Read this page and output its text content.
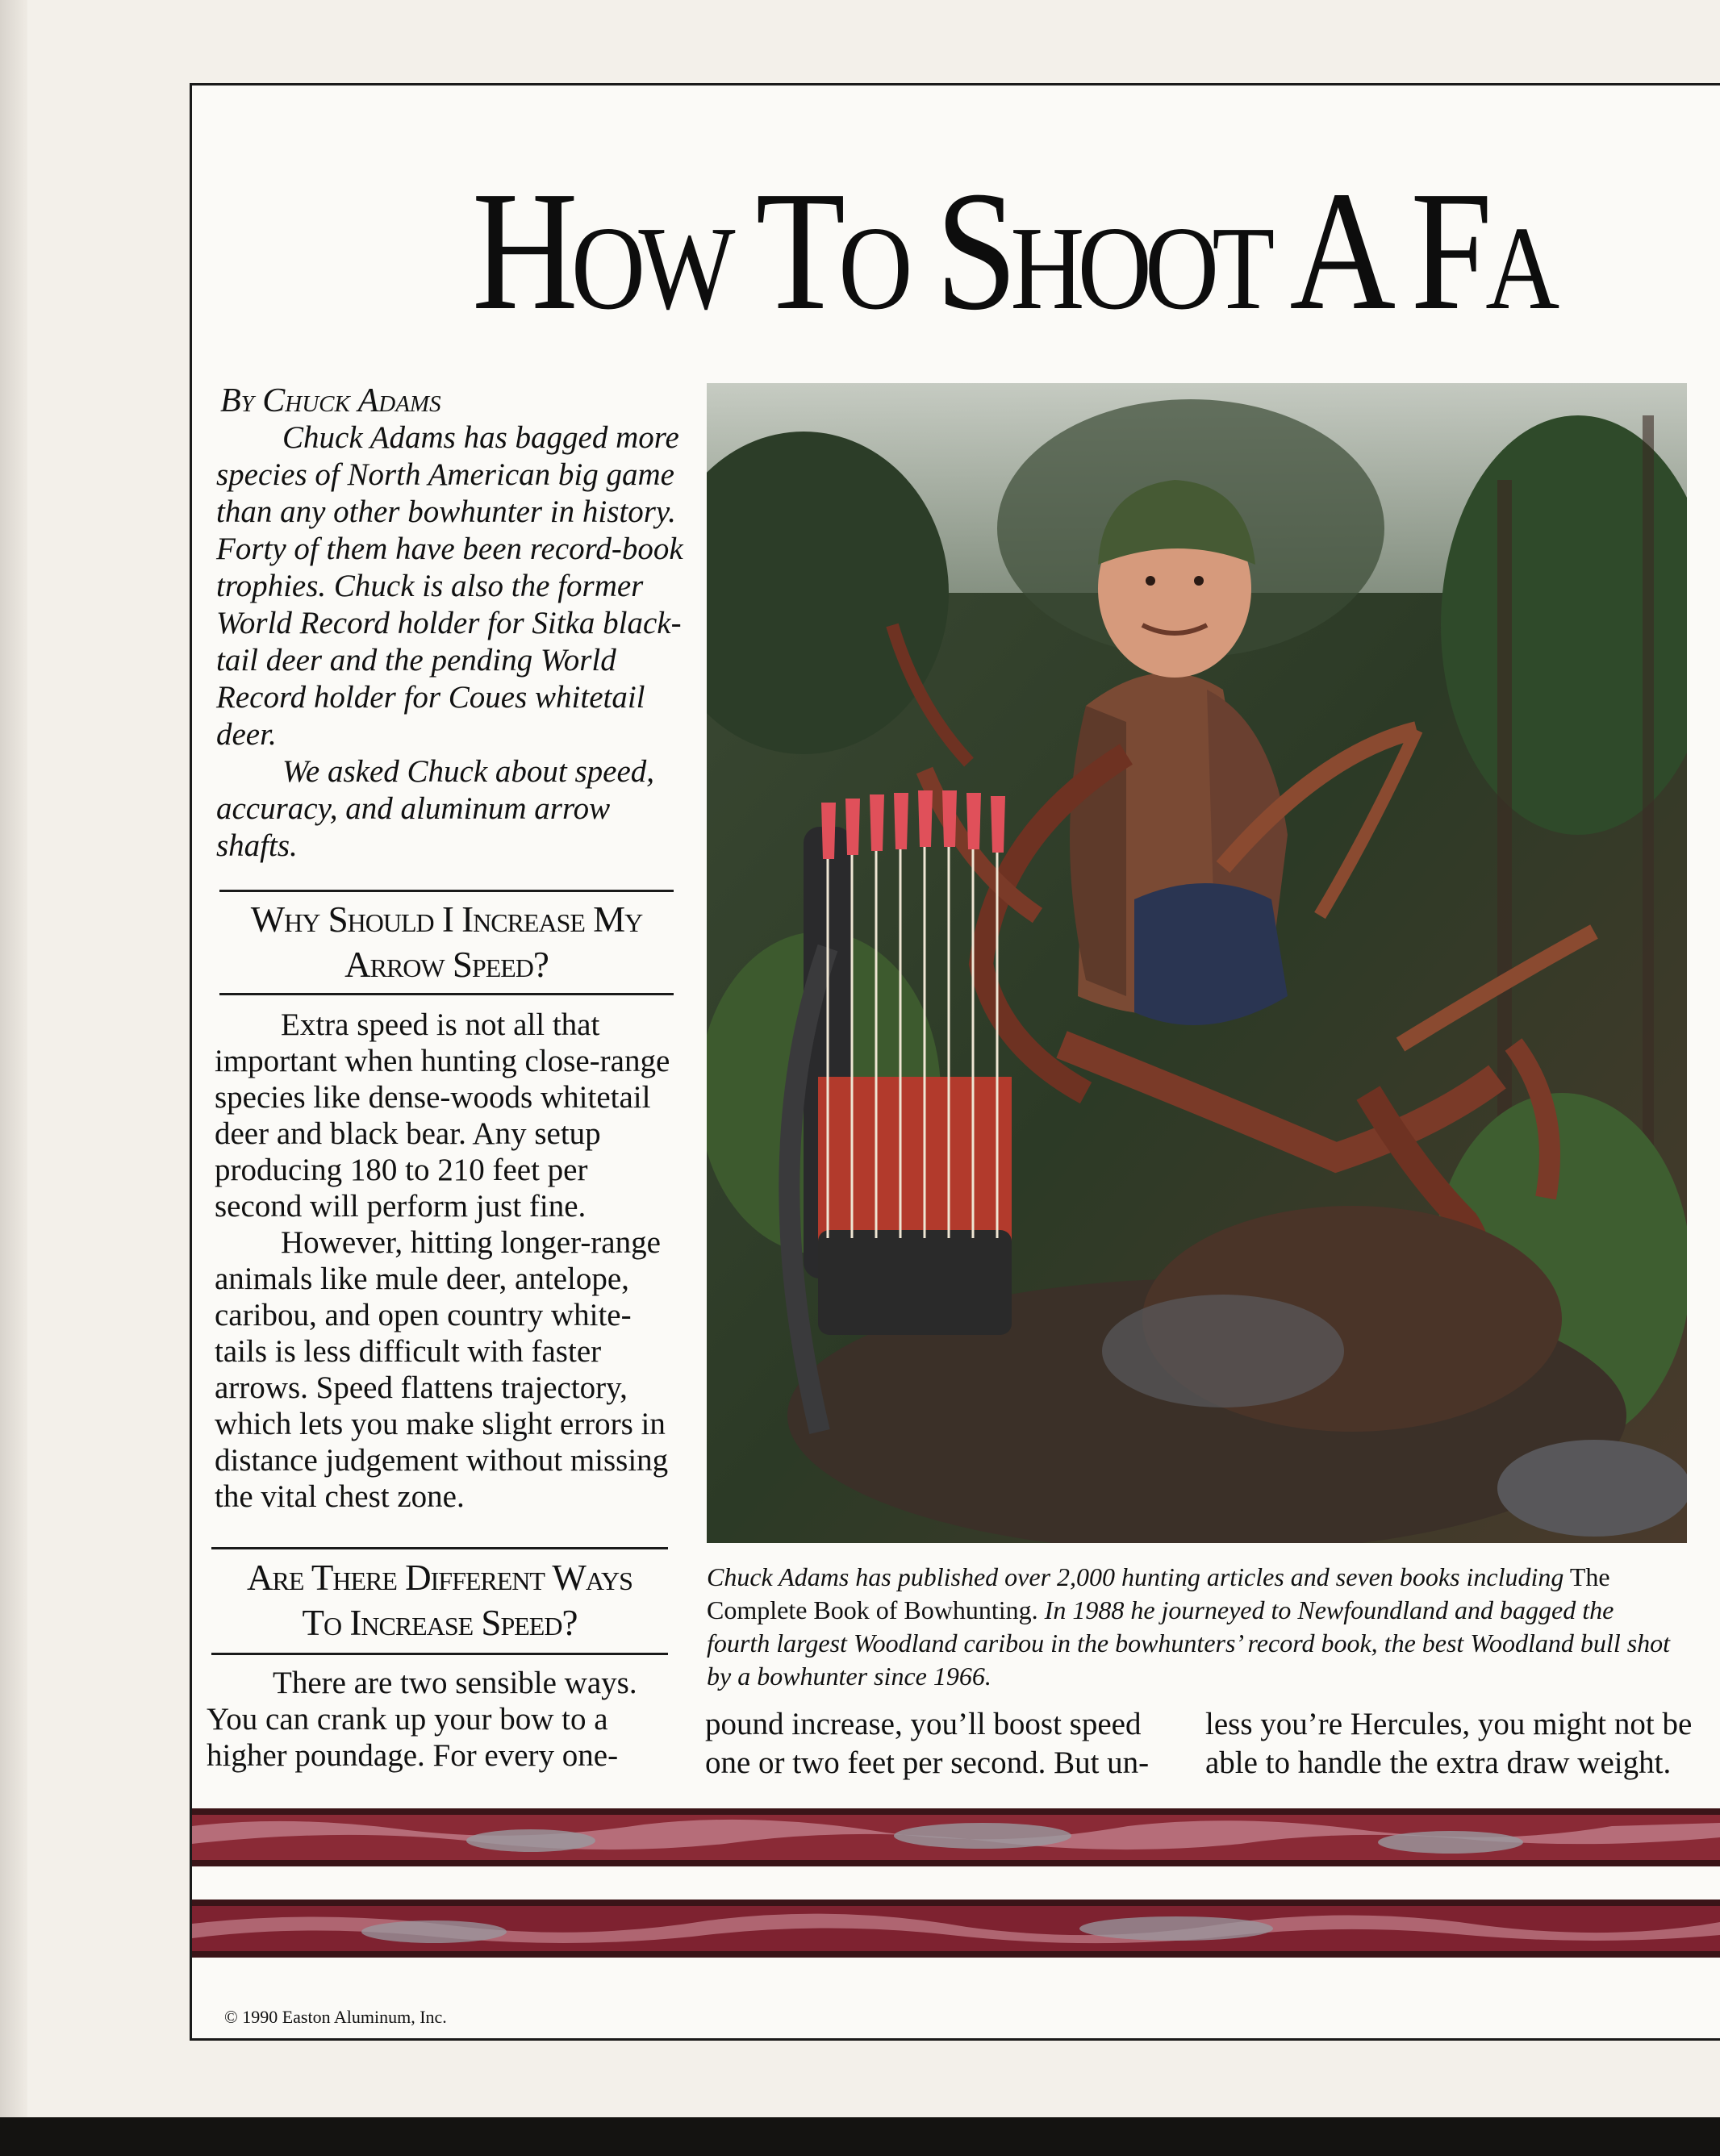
How To Shoot A Fa
By Chuck Adams

Chuck Adams has bagged more species of North American big game than any other bowhunter in history. Forty of them have been record-book trophies. Chuck is also the former World Record holder for Sitka black-tail deer and the pending World Record holder for Coues whitetail deer.

We asked Chuck about speed, accuracy, and aluminum arrow shafts.

Why Should I Increase My
Arrow Speed?

Extra speed is not all that important when hunting close-range species like dense-woods whitetail deer and black bear. Any setup producing 180 to 210 feet per second will perform just fine.

However, hitting longer-range animals like mule deer, antelope, caribou, and open country white-tails is less difficult with faster arrows. Speed flattens trajectory, which lets you make slight errors in distance judgement without missing the vital chest zone.

Are There Different Ways
To Increase Speed?

There are two sensible ways. You can crank up your bow to a higher poundage. For every one-

Chuck Adams has published over 2,000 hunting articles and seven books including The Complete Book of Bowhunting. In 1988 he journeyed to Newfoundland and bagged the fourth largest Woodland caribou in the bowhunters’ record book, the best Woodland bull shot by a bowhunter since 1966.
pound increase, you’ll boost speed
one or two feet per second. But un-
less you’re Hercules, you might not be
able to handle the extra draw weight.
© 1990 Easton Aluminum, Inc.
